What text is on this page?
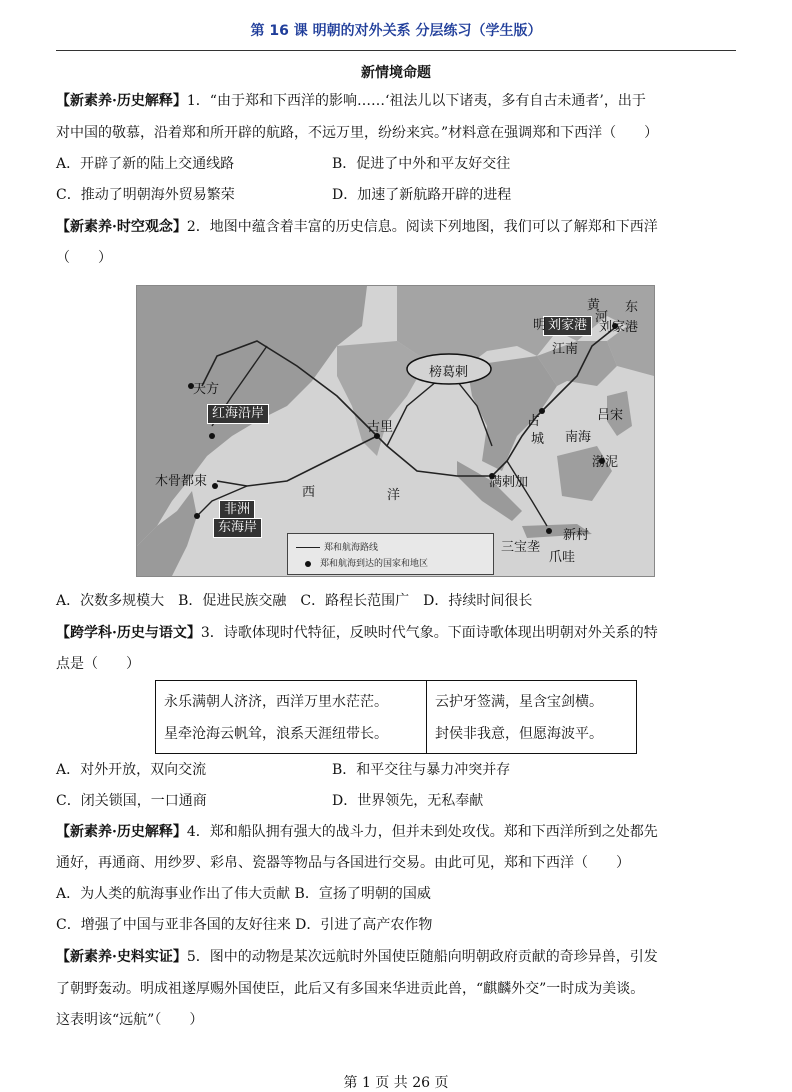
第 16 课 明朝的对外关系 分层练习（学生版）
新情境命题
【新素养·历史解释】1．“由于郑和下西洋的影响……‘祖法儿以下诸夷，多有自古未通者’，出于
对中国的敬慕，沿着郑和所开辟的航路，不远万里，纷纷来宾。”材料意在强调郑和下西洋（　　）
A．开辟了新的陆上交通线路	B．促进了中外和平友好交往
C．推动了明朝海外贸易繁荣	D．加速了新航路开辟的进程
【新素养·时空观念】2．地图中蕴含着丰富的历史信息。阅读下列地图，我们可以了解郑和下西洋
（　　）
天方
红海沿岸
木骨都束
非洲
东海岸
古里
西	洋
榜葛剌
刘家港 刘家港
明
黄
河
东
江南
占
城
吕宋
南海
渤泥
满剌加
三宝垄
新村
爪哇
郑和航海路线
郑和航海到达的国家和地区
A．次数多规模大　B．促进民族交融　C．路程长范围广　D．持续时间很长
【跨学科·历史与语文】3．诗歌体现时代特征，反映时代气象。下面诗歌体现出明朝对外关系的特
点是（　　）
永乐满朝人济济，西洋万里水茫茫。
星牵沧海云帆耸，浪系天涯纽带长。
云护牙签满，星含宝剑横。
封侯非我意，但愿海波平。
A．对外开放，双向交流	B．和平交往与暴力冲突并存
C．闭关锁国，一口通商	D．世界领先，无私奉献
【新素养·历史解释】4．郑和船队拥有强大的战斗力，但并未到处攻伐。郑和下西洋所到之处都先
通好，再通商、用纱罗、彩帛、瓷器等物品与各国进行交易。由此可见，郑和下西洋（　　）
A．为人类的航海事业作出了伟大贡献 B．宣扬了明朝的国威
C．增强了中国与亚非各国的友好往来 D．引进了高产农作物
【新素养·史料实证】5．图中的动物是某次远航时外国使臣随船向明朝政府贡献的奇珍异兽，引发
了朝野轰动。明成祖遂厚赐外国使臣，此后又有多国来华进贡此兽，“麒麟外交”一时成为美谈。
这表明该“远航”（　　）
第 1 页 共 26 页
